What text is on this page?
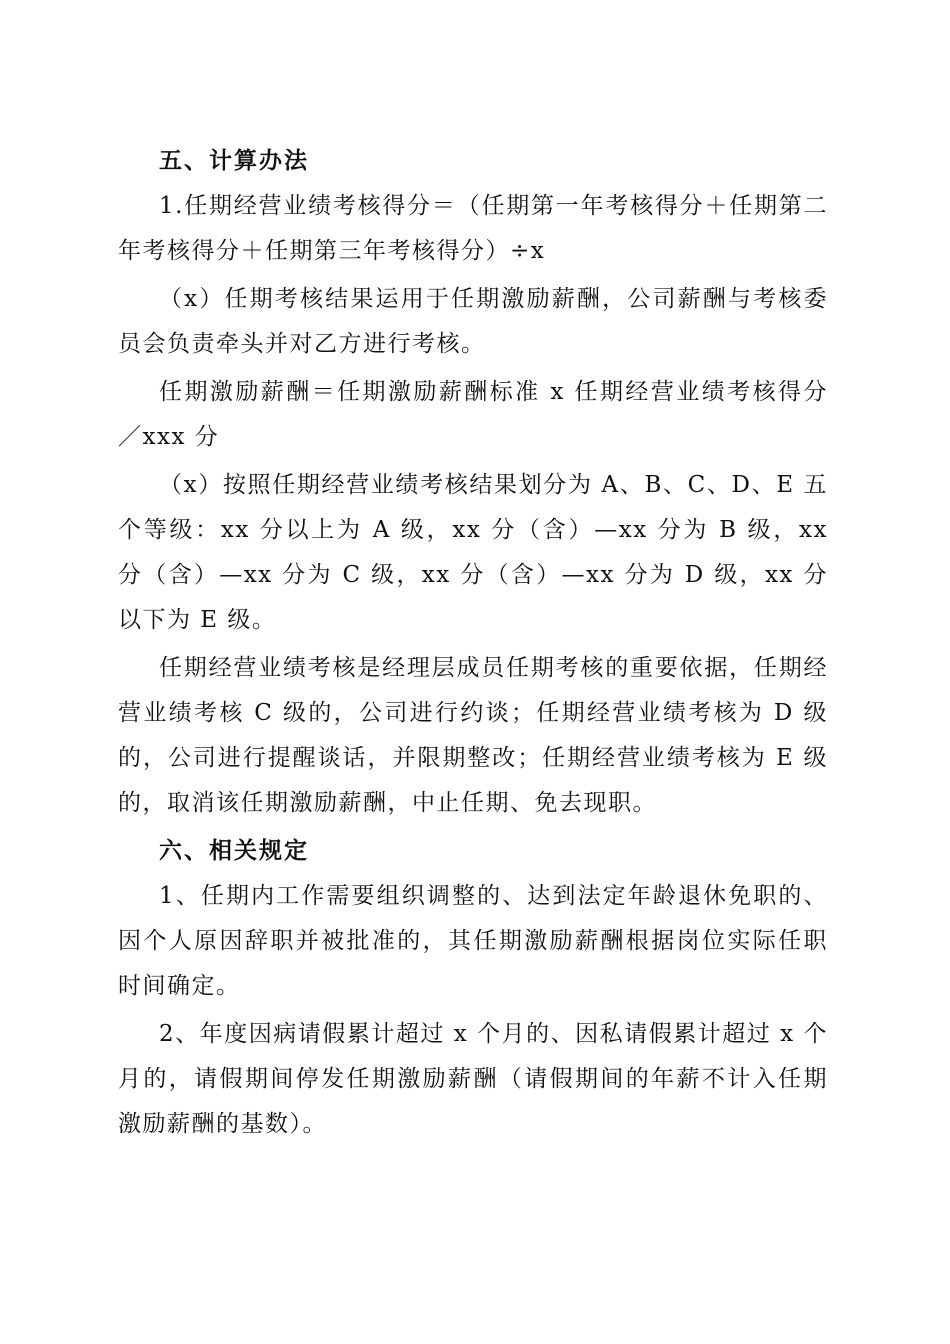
五、计算办法

1.任期经营业绩考核得分＝（任期第一年考核得分＋任期第二年考核得分＋任期第三年考核得分）÷x

（x）任期考核结果运用于任期激励薪酬，公司薪酬与考核委员会负责牵头并对乙方进行考核。

任期激励薪酬＝任期激励薪酬标准 x 任期经营业绩考核得分／xxx 分

（x）按照任期经营业绩考核结果划分为 A、B、C、D、E 五个等级：xx 分以上为 A 级，xx 分（含）—xx 分为 B 级，xx 分（含）—xx 分为 C 级，xx 分（含）—xx 分为 D 级，xx 分以下为 E 级。

任期经营业绩考核是经理层成员任期考核的重要依据，任期经营业绩考核 C 级的，公司进行约谈；任期经营业绩考核为 D 级的，公司进行提醒谈话，并限期整改；任期经营业绩考核为 E 级的，取消该任期激励薪酬，中止任期、免去现职。

六、相关规定

1、任期内工作需要组织调整的、达到法定年龄退休免职的、因个人原因辞职并被批准的，其任期激励薪酬根据岗位实际任职时间确定。

2、年度因病请假累计超过 x 个月的、因私请假累计超过 x 个月的，请假期间停发任期激励薪酬（请假期间的年薪不计入任期激励薪酬的基数）。
